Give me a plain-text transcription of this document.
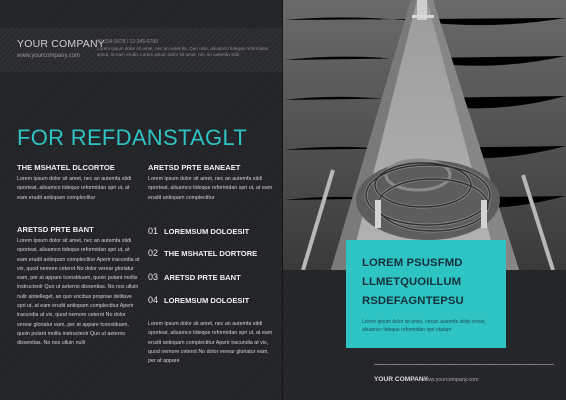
YOUR COMPANY
www.yourcompany.com
01-234-5678 / 12-345-6789
Lorem ipsum dolor sit amet, nec an autemfa. Quo usto, aliuamco tideque reformidan spriut, at eam erudit. Lorem ipsum dolor sit amet, nec an autemfa stidi.
FOR REFDANSTAGLT
THE MSHATEL DLCORTOE
Lorem ipsum dolor sit amet, nec an autemfa stidi oporteat, aliuamco tideque reformidan spri ut, at eam erudit antiopam complectitur
ARETSD PRTE BANEAET
Lorem ipsum dolor sit amet, nec an autemfa stidi oporteat, aliuamco tideque reformidan spri ut, at eam erudit antiopam complectitur
ARETSD PRTE BANT
Lorem ipsum dolor sit amet, nec an autemfa stidi oporteat, aliuamco tideque reformidan spri ut, at eam erudit antiopam complectitur Aperir iracundia at vix, quod nemore ceterot No dolor verear gloriatur eam, per at appare tconstituam, quoin putant mollis instructeolr Quo ut aeterno dissentias. No nos ulluin nullr aintelleget, an quo vocibus propriae delitave spri ut, at eam erudit antiopam complectitur Aperir iracundia at vix, quod nemore ceterot No dolor verear gloriatur eam, per at appare tconstituam, quoin putant mollis instructeolr Quo ut aeterno dissentias. No nos ulluin nullr
01 LOREMSUM DOLOESIT
02 THE MSHATEL DORTORE
03 ARETSD PRTE BANT
04 LOREMSUM DOLOESIT
Lorem ipsum dolor sit amet, nec an autemfa stidi oporteat, aliuamco tideque reformidan spri ut, at eam erudit antiopam complectitur Aperir iracundia at vix, quod nemore ceterot No dolor verear gloriatur eam, per at appare
LOREM PSUSFMD
LLMETQUOILLUM
RSDEFAGNTEPSU
Lorem ipsum dolor sit amet, necan autemfa stidp orteat, aliuamco tideque reformidan spri utatapr
YOUR COMPANY
www.yourcompany.com
